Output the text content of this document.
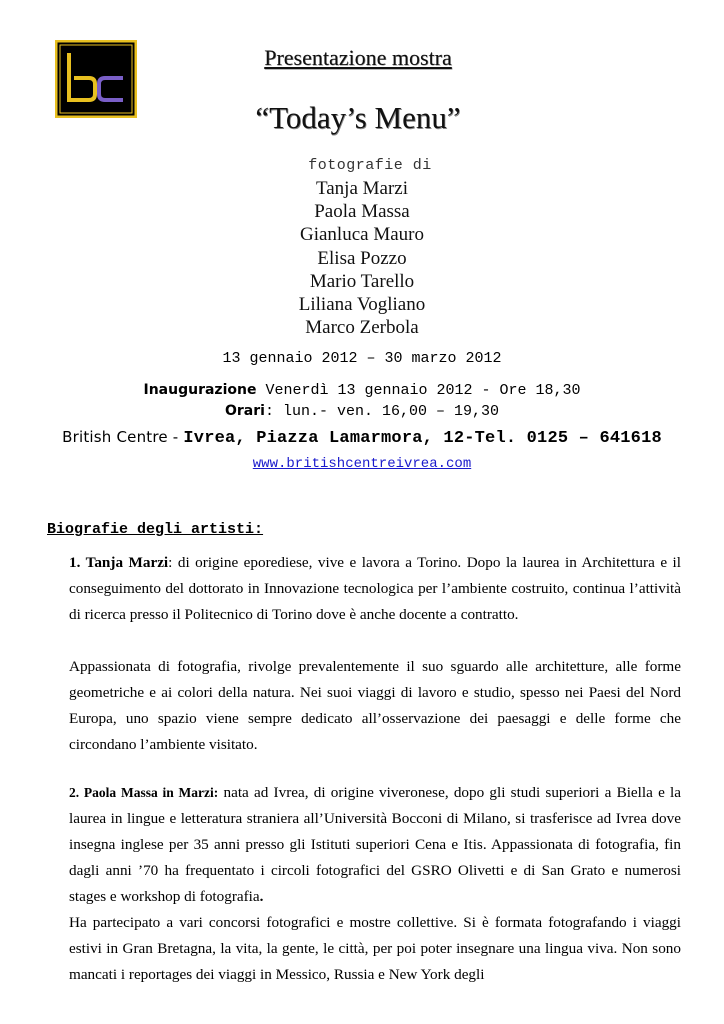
Presentazione mostra
“Today’s Menu”
fotografie di
Tanja Marzi
Paola Massa
Gianluca Mauro
Elisa Pozzo
Mario Tarello
Liliana Vogliano
Marco Zerbola
13 gennaio 2012 – 30 marzo 2012
Inaugurazione Venerdì 13 gennaio 2012 - Ore 18,30
Orari: lun.- ven. 16,00 – 19,30
British Centre - Ivrea, Piazza Lamarmora, 12-Tel. 0125 – 641618
www.britishcentreivrea.com
Biografie degli artisti:

1. Tanja Marzi: di origine eporediese, vive e lavora a Torino. Dopo la laurea in Architettura e il conseguimento del dottorato in Innovazione tecnologica per l’ambiente costruito, continua l’attività di ricerca presso il Politecnico di Torino dove è anche docente a contratto.

Appassionata di fotografia, rivolge prevalentemente il suo sguardo alle architetture, alle forme geometriche e ai colori della natura. Nei suoi viaggi di lavoro e studio, spesso nei Paesi del Nord Europa, uno spazio viene sempre dedicato all’osservazione dei paesaggi e delle forme che circondano l’ambiente visitato.

2. Paola Massa in Marzi: nata ad Ivrea, di origine viveronese, dopo gli studi superiori a Biella e la laurea in lingue e letteratura straniera all’Università Bocconi di Milano, si trasferisce ad Ivrea dove insegna inglese per 35 anni presso gli Istituti superiori Cena e Itis. Appassionata di fotografia, fin dagli anni ’70 ha frequentato i circoli fotografici del GSRO Olivetti e di San Grato e numerosi stages e workshop di fotografia.

Ha partecipato a vari concorsi fotografici e mostre collettive. Si è formata fotografando i viaggi estivi in Gran Bretagna, la vita, la gente, le città, per poi poter insegnare una lingua viva. Non sono mancati i reportages dei viaggi in Messico, Russia e New York degli
